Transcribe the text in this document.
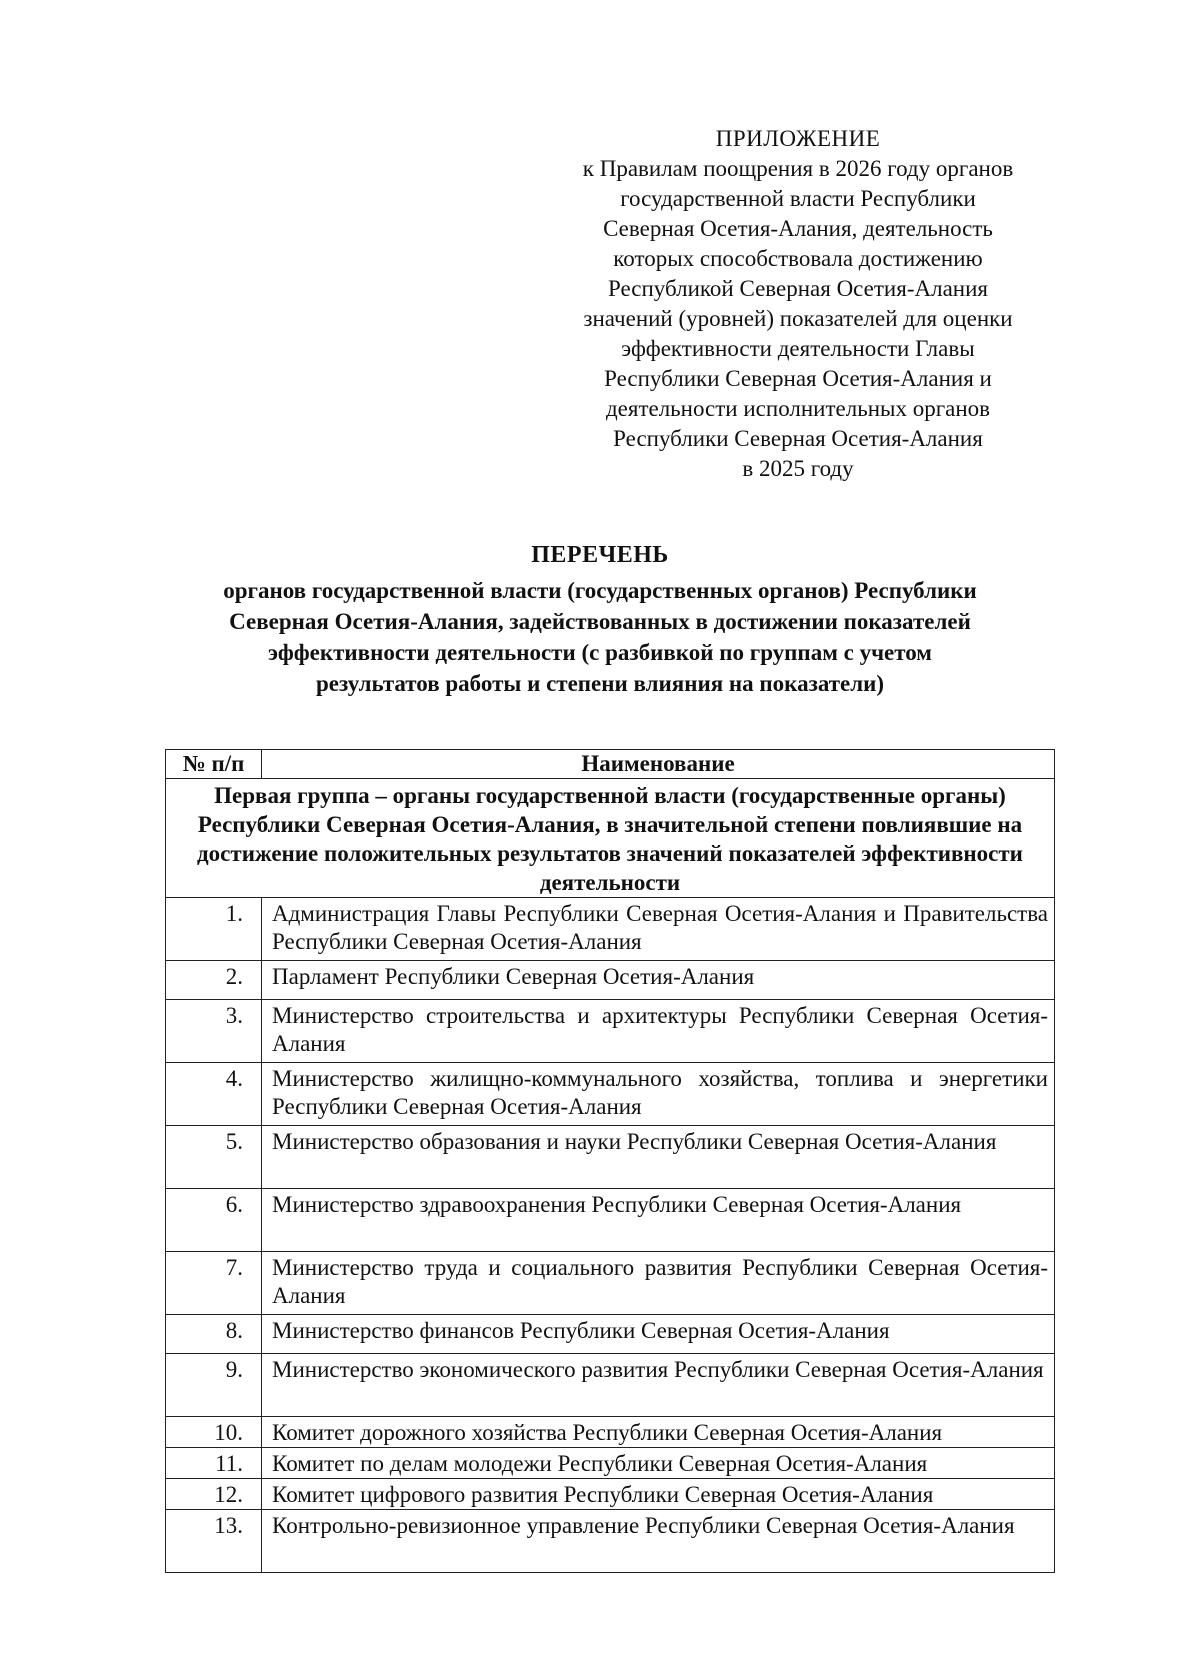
ПРИЛОЖЕНИЕ
к Правилам поощрения в 2026 году органов
государственной власти Республики
Северная Осетия-Алания, деятельность
которых способствовала достижению
Республикой Северная Осетия-Алания
значений (уровней) показателей для оценки
эффективности деятельности Главы
Республики Северная Осетия-Алания и
деятельности исполнительных органов
Республики Северная Осетия-Алания
в 2025 году
ПЕРЕЧЕНЬ
органов государственной власти (государственных органов) Республики
Северная Осетия-Алания, задействованных в достижении показателей
эффективности деятельности (с разбивкой по группам с учетом
результатов работы и степени влияния на показатели)
№ п/п	Наименование
Первая группа – органы государственной власти (государственные органы) Республики Северная Осетия-Алания, в значительной степени повлиявшие на достижение положительных результатов значений показателей эффективности деятельности	
1.	Администрация Главы Республики Северная Осетия-Алания и Правительства Республики Северная Осетия-Алания
2.	Парламент Республики Северная Осетия-Алания
3.	Министерство строительства и архитектуры Республики Северная Осетия-Алания
4.	Министерство жилищно-коммунального хозяйства, топлива и энергетики Республики Северная Осетия-Алания
5.	Министерство образования и науки Республики Северная Осетия-Алания
6.	Министерство здравоохранения Республики Северная Осетия-Алания
7.	Министерство труда и социального развития Республики Северная Осетия-Алания
8.	Министерство финансов Республики Северная Осетия-Алания
9.	Министерство экономического развития Республики Северная Осетия-Алания
10.	Комитет дорожного хозяйства Республики Северная Осетия-Алания
11.	Комитет по делам молодежи Республики Северная Осетия-Алания
12.	Комитет цифрового развития Республики Северная Осетия-Алания
13.	Контрольно-ревизионное управление Республики Северная Осетия-Алания
